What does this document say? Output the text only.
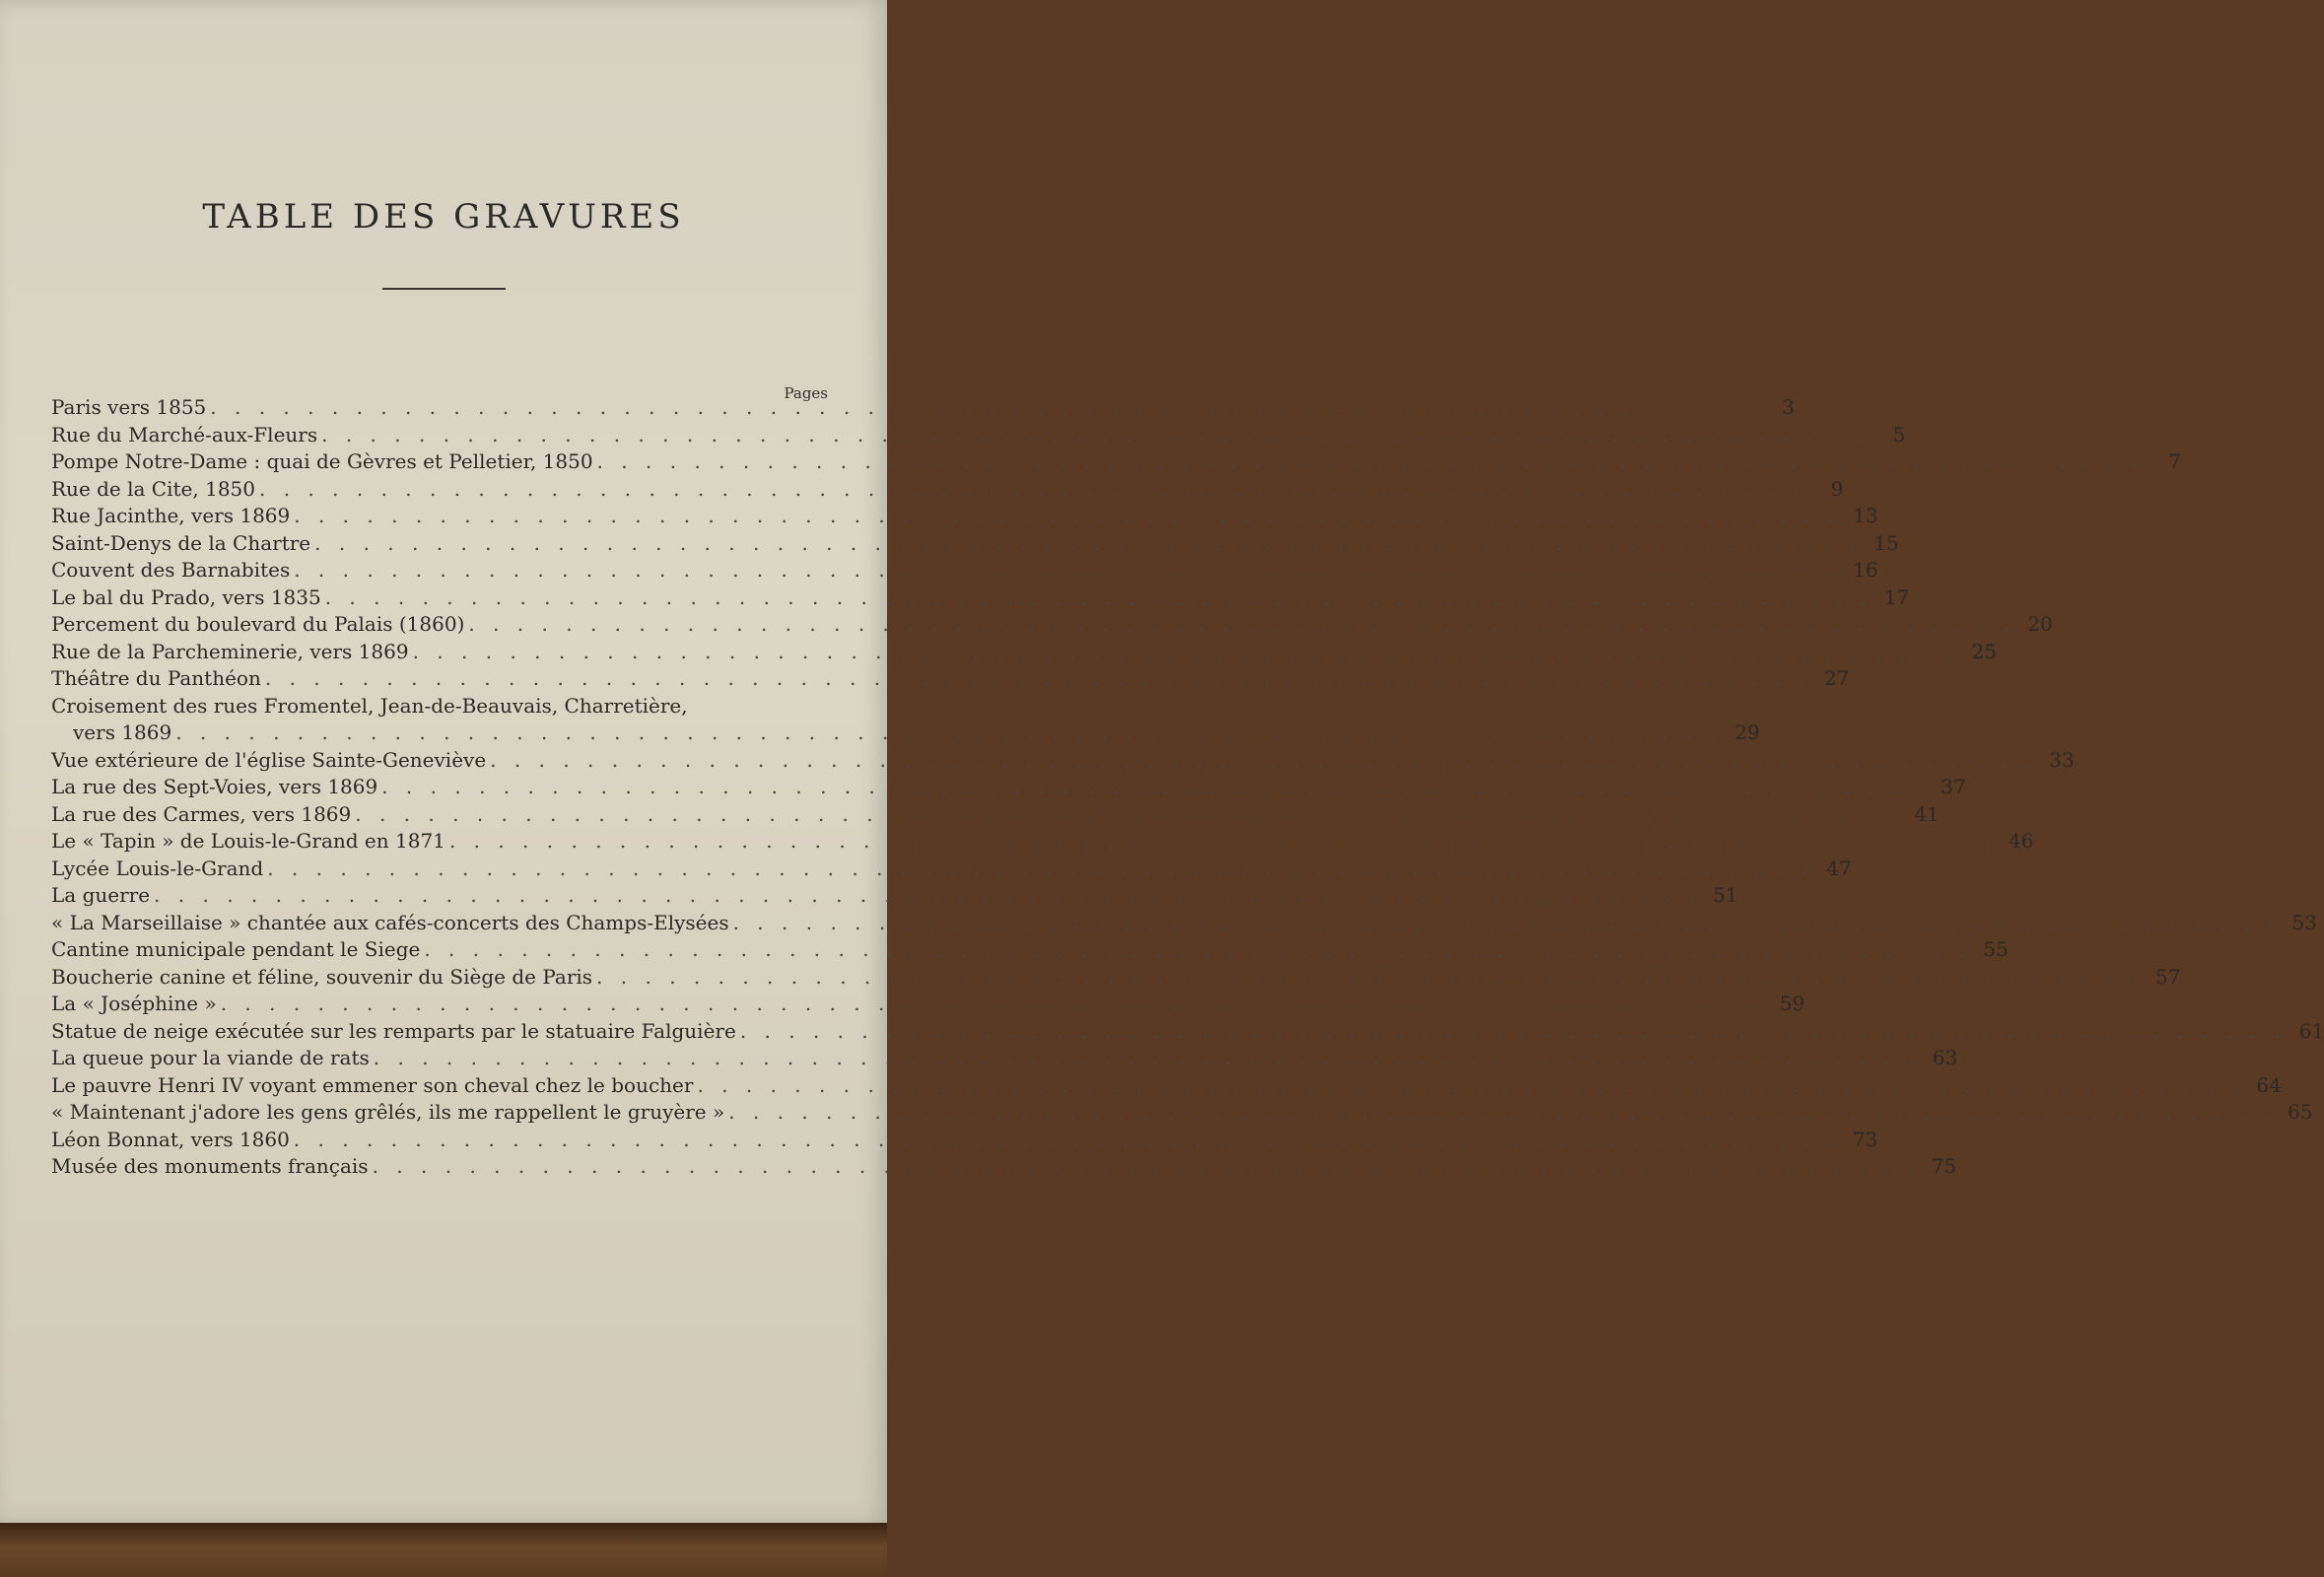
TABLE DES GRAVURES
Pages
Paris vers 1855 . . .	3
Rue du Marché-aux-Fleurs . . .	5
Pompe Notre-Dame : quai de Gèvres et Pelletier, 1850 . . .	7
Rue de la Cite, 1850 . . .	9
Rue Jacinthe, vers 1869 . . .	13
Saint-Denys de la Chartre . . .	15
Couvent des Barnabites . . .	16
Le bal du Prado, vers 1835 . . .	17
Percement du boulevard du Palais (1860) . . .	20
Rue de la Parcheminerie, vers 1869 . . .	25
Théâtre du Panthéon . . .	27
Croisement des rues Fromentel, Jean-de-Beauvais, Charretière,
vers 1869 . . .	29
Vue extérieure de l'église Sainte-Geneviève . . .	33
La rue des Sept-Voies, vers 1869 . . .	37
La rue des Carmes, vers 1869 . . .	41
Le « Tapin » de Louis-le-Grand en 1871 . . .	46
Lycée Louis-le-Grand . . .	47
La guerre . . .	51
« La Marseillaise » chantée aux cafés-concerts des Champs-Elysées . . .	53
Cantine municipale pendant le Siege . . .	55
Boucherie canine et féline, souvenir du Siège de Paris . . .	57
La « Joséphine » . . .	59
Statue de neige exécutée sur les remparts par le statuaire Falguière . . .	61
La queue pour la viande de rats . . .	63
Le pauvre Henri IV voyant emmener son cheval chez le boucher . . .	64
« Maintenant j'adore les gens grêlés, ils me rappellent le gruyère » . . .	65
Léon Bonnat, vers 1860 . . .	73
Musée des monuments français . . .	75
